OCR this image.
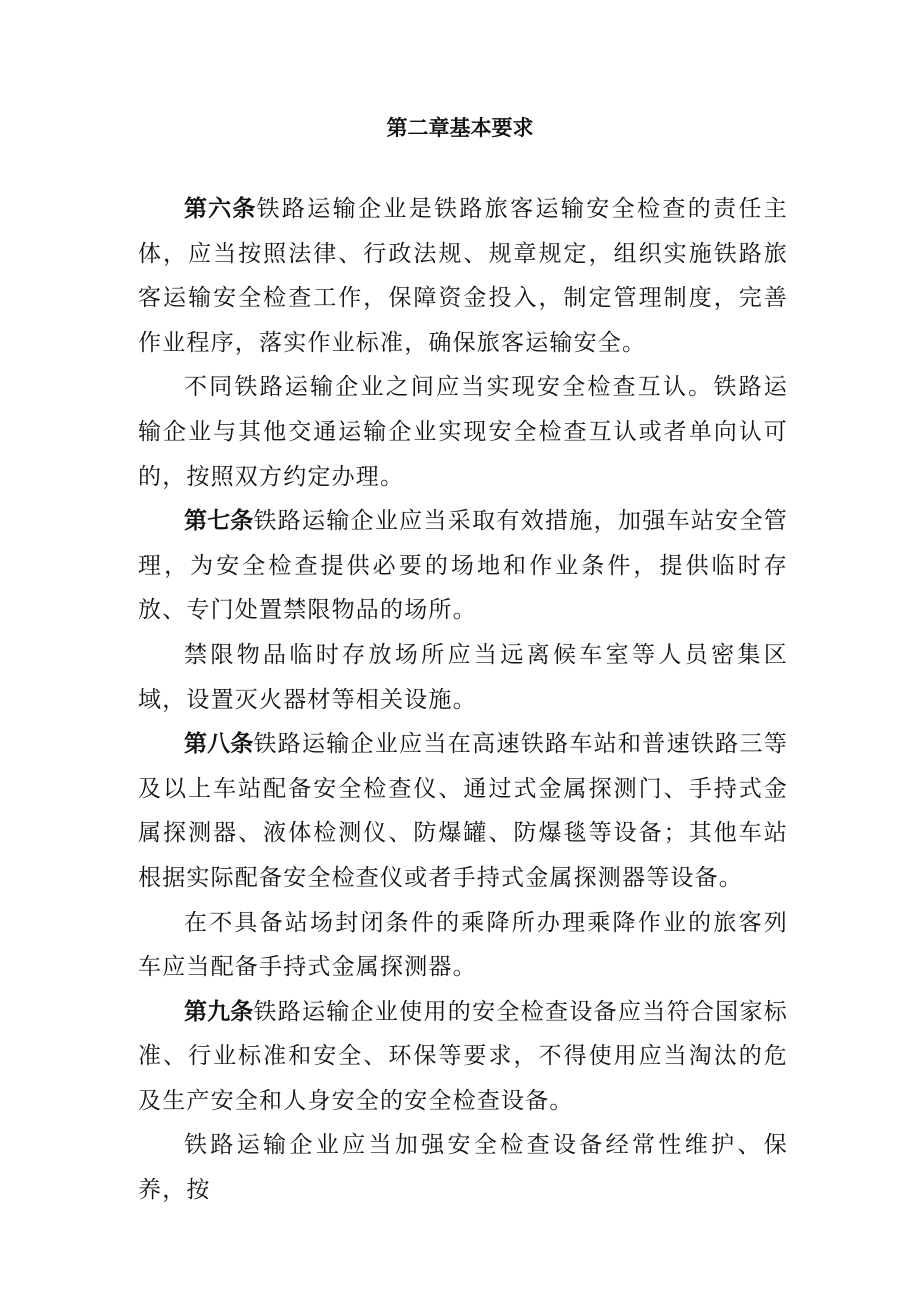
第二章基本要求

第六条铁路运输企业是铁路旅客运输安全检查的责任主体，应当按照法律、行政法规、规章规定，组织实施铁路旅客运输安全检查工作，保障资金投入，制定管理制度，完善作业程序，落实作业标准，确保旅客运输安全。

不同铁路运输企业之间应当实现安全检查互认。铁路运输企业与其他交通运输企业实现安全检查互认或者单向认可的，按照双方约定办理。

第七条铁路运输企业应当采取有效措施，加强车站安全管理，为安全检查提供必要的场地和作业条件，提供临时存放、专门处置禁限物品的场所。

禁限物品临时存放场所应当远离候车室等人员密集区域，设置灭火器材等相关设施。

第八条铁路运输企业应当在高速铁路车站和普速铁路三等及以上车站配备安全检查仪、通过式金属探测门、手持式金属探测器、液体检测仪、防爆罐、防爆毯等设备；其他车站根据实际配备安全检查仪或者手持式金属探测器等设备。

在不具备站场封闭条件的乘降所办理乘降作业的旅客列车应当配备手持式金属探测器。

第九条铁路运输企业使用的安全检查设备应当符合国家标准、行业标准和安全、环保等要求，不得使用应当淘汰的危及生产安全和人身安全的安全检查设备。

铁路运输企业应当加强安全检查设备经常性维护、保养，按
